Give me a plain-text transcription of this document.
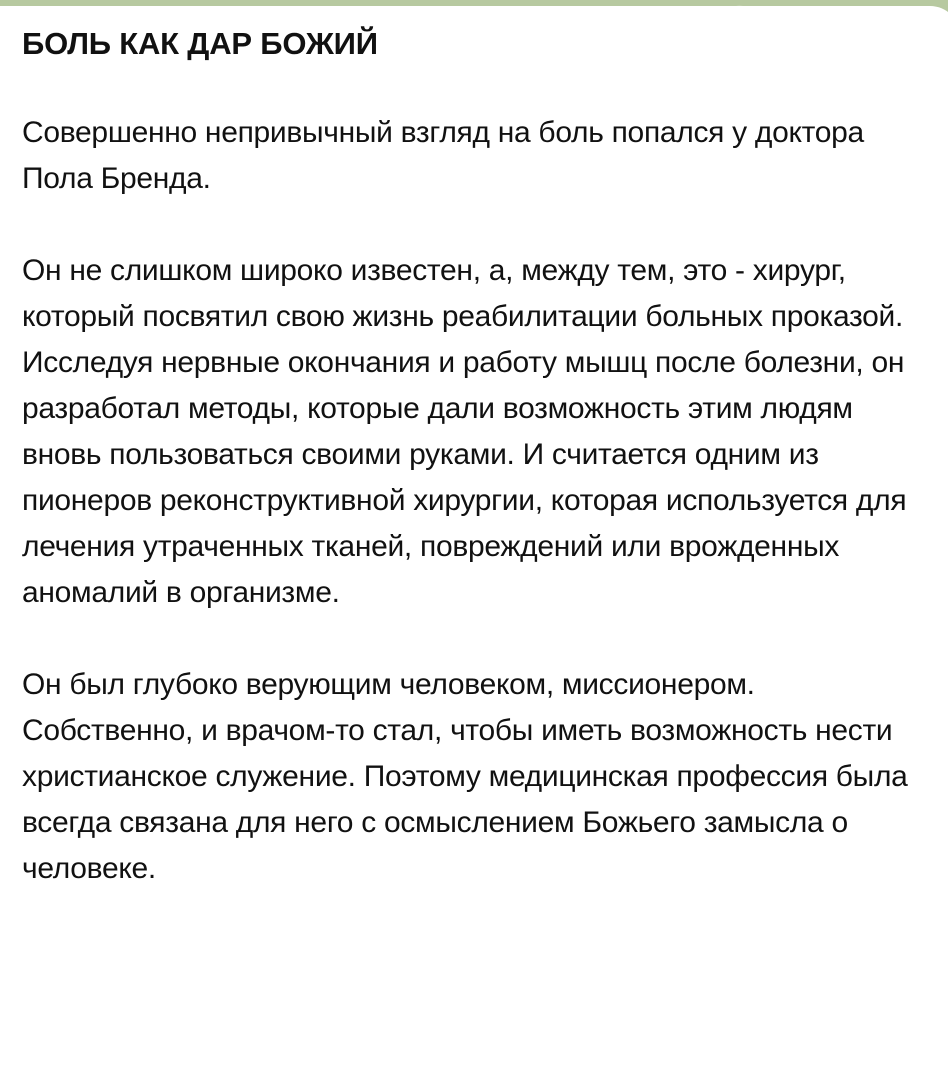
БОЛЬ КАК ДАР БОЖИЙ

Совершенно непривычный взгляд на боль попался у доктора Пола Бренда.

Он не слишком широко известен, а, между тем, это - хирург, который посвятил свою жизнь реабилитации больных проказой. Исследуя нервные окончания и работу мышц после болезни, он разработал методы, которые дали возможность этим людям вновь пользоваться своими руками. И считается одним из пионеров реконструктивной хирургии, которая используется для лечения утраченных тканей, повреждений или врожденных аномалий в организме.

Он был глубоко верующим человеком, миссионером. Собственно, и врачом-то стал, чтобы иметь возможность нести христианское служение. Поэтому медицинская профессия была всегда связана для него с осмыслением Божьего замысла о человеке.
